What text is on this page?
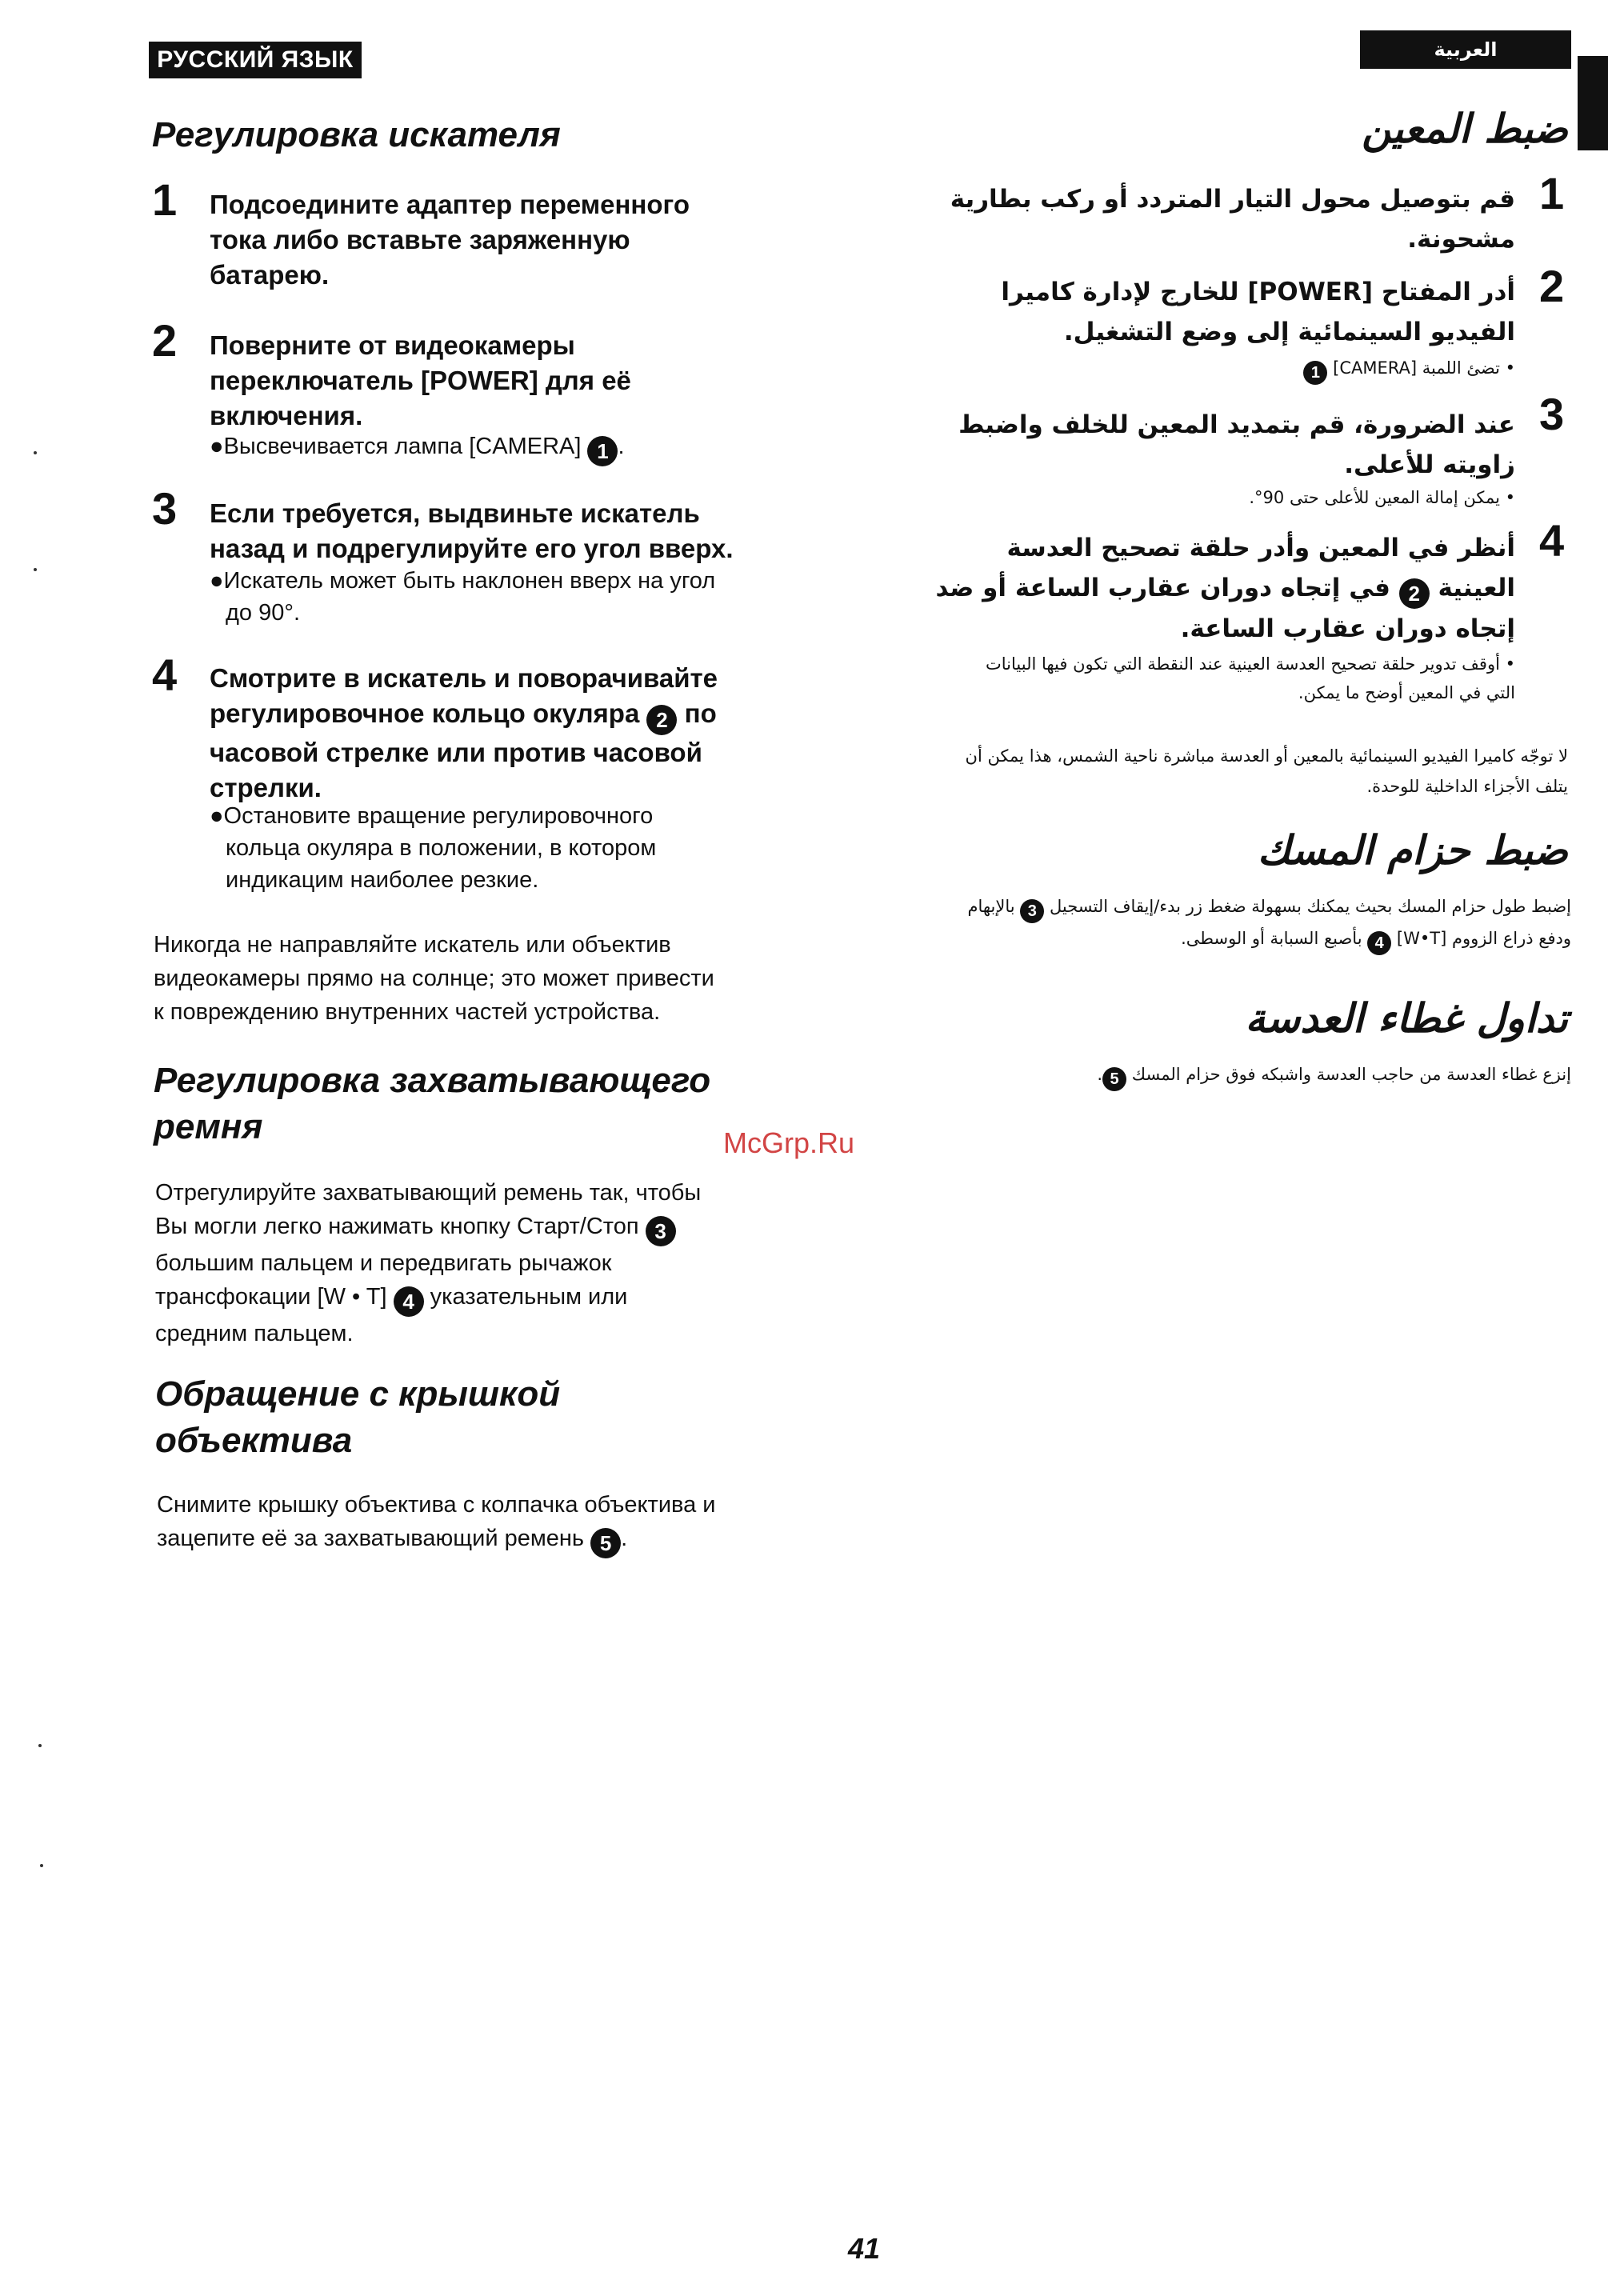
РУССКИЙ ЯЗЫК	العربية
Регулировка искателя
1 Подсоедините адаптер переменного
тока либо вставьте заряженную
батарею.
2 Поверните от видеокамеры
переключатель [POWER] для её
включения.
●Высвечивается лампа [CAMERA] 1 .
3 Если требуется, выдвиньте искатель
назад и подрегулируйте его угол вверх.
●Искатель может быть наклонен вверх на угол
до 90°.
4 Смотрите в искатель и поворачивайте
регулировочное кольцо окуляра 2 по
часовой стрелке или против часовой
стрелки.
●Остановите вращение регулировочного
кольца окуляра в положении, в котором
индикацим наиболее резкие.
Никогда не направляйте искатель или объектив
видеокамеры прямо на солнце; это может привести
к повреждению внутренних частей устройства.
Регулировка захватывающего
ремня
Отрегулируйте захватывающий ремень так, чтобы
Вы могли легко нажимать кнопку Старт/Стоп 3
большим пальцем и передвигать рычажок
трансфокации [W • T] 4 указательным или
средним пальцем.
Обращение с крышкой
объектива
Снимите крышку объектива с колпачка объектива и
зацепите её за захватывающий ремень 5 .
McGrp.Ru
ضبط المعين
1
قم بتوصيل محول التيار المتردد أو ركب بطارية
مشحونة.
2
أدر المفتاح [POWER] للخارج لإدارة كاميرا
الفيديو السينمائية إلى وضع التشغيل.
• تضئ اللمبة [CAMERA] 1
3
عند الضرورة، قم بتمديد المعين للخلف واضبط
زاويته للأعلى.
• يمكن إمالة المعين للأعلى حتى 90°.
4
أنظر في المعين وأدر حلقة تصحيح العدسة
العينية 2 في إتجاه دوران عقارب الساعة أو ضد
إتجاه دوران عقارب الساعة.
• أوقف تدوير حلقة تصحيح العدسة العينية عند النقطة التي تكون فيها البيانات
التي في المعين أوضح ما يمكن.
لا توجّه كاميرا الفيديو السينمائية بالمعين أو العدسة مباشرة ناحية الشمس، هذا يمكن أن
يتلف الأجزاء الداخلية للوحدة.
ضبط حزام المسك
إضبط طول حزام المسك بحيث يمكنك بسهولة ضغط زر بدء/إيقاف التسجيل 3 بالإبهام
ودفع ذراع الزووم [W•T] 4 بأصبع السبابة أو الوسطى.
تداول غطاء العدسة
إنزع غطاء العدسة من حاجب العدسة واشبكه فوق حزام المسك 5.
41
